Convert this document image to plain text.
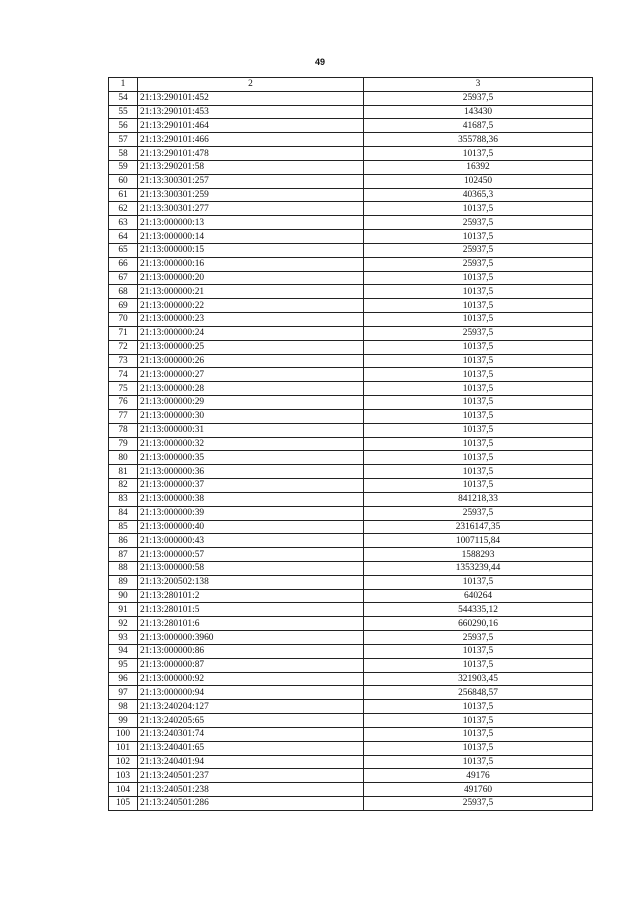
49
1	2	3
54	21:13:290101:452	25937,5
55	21:13:290101:453	143430
56	21:13:290101:464	41687,5
57	21:13:290101:466	355788,36
58	21:13:290101:478	10137,5
59	21:13:290201:58	16392
60	21:13:300301:257	102450
61	21:13:300301:259	40365,3
62	21:13:300301:277	10137,5
63	21:13:000000:13	25937,5
64	21:13:000000:14	10137,5
65	21:13:000000:15	25937,5
66	21:13:000000:16	25937,5
67	21:13:000000:20	10137,5
68	21:13:000000:21	10137,5
69	21:13:000000:22	10137,5
70	21:13:000000:23	10137,5
71	21:13:000000:24	25937,5
72	21:13:000000:25	10137,5
73	21:13:000000:26	10137,5
74	21:13:000000:27	10137,5
75	21:13:000000:28	10137,5
76	21:13:000000:29	10137,5
77	21:13:000000:30	10137,5
78	21:13:000000:31	10137,5
79	21:13:000000:32	10137,5
80	21:13:000000:35	10137,5
81	21:13:000000:36	10137,5
82	21:13:000000:37	10137,5
83	21:13:000000:38	841218,33
84	21:13:000000:39	25937,5
85	21:13:000000:40	2316147,35
86	21:13:000000:43	1007115,84
87	21:13:000000:57	1588293
88	21:13:000000:58	1353239,44
89	21:13:200502:138	10137,5
90	21:13:280101:2	640264
91	21:13:280101:5	544335,12
92	21:13:280101:6	660290,16
93	21:13:000000:3960	25937,5
94	21:13:000000:86	10137,5
95	21:13:000000:87	10137,5
96	21:13:000000:92	321903,45
97	21:13:000000:94	256848,57
98	21:13:240204:127	10137,5
99	21:13:240205:65	10137,5
100	21:13:240301:74	10137,5
101	21:13:240401:65	10137,5
102	21:13:240401:94	10137,5
103	21:13:240501:237	49176
104	21:13:240501:238	491760
105	21:13:240501:286	25937,5
